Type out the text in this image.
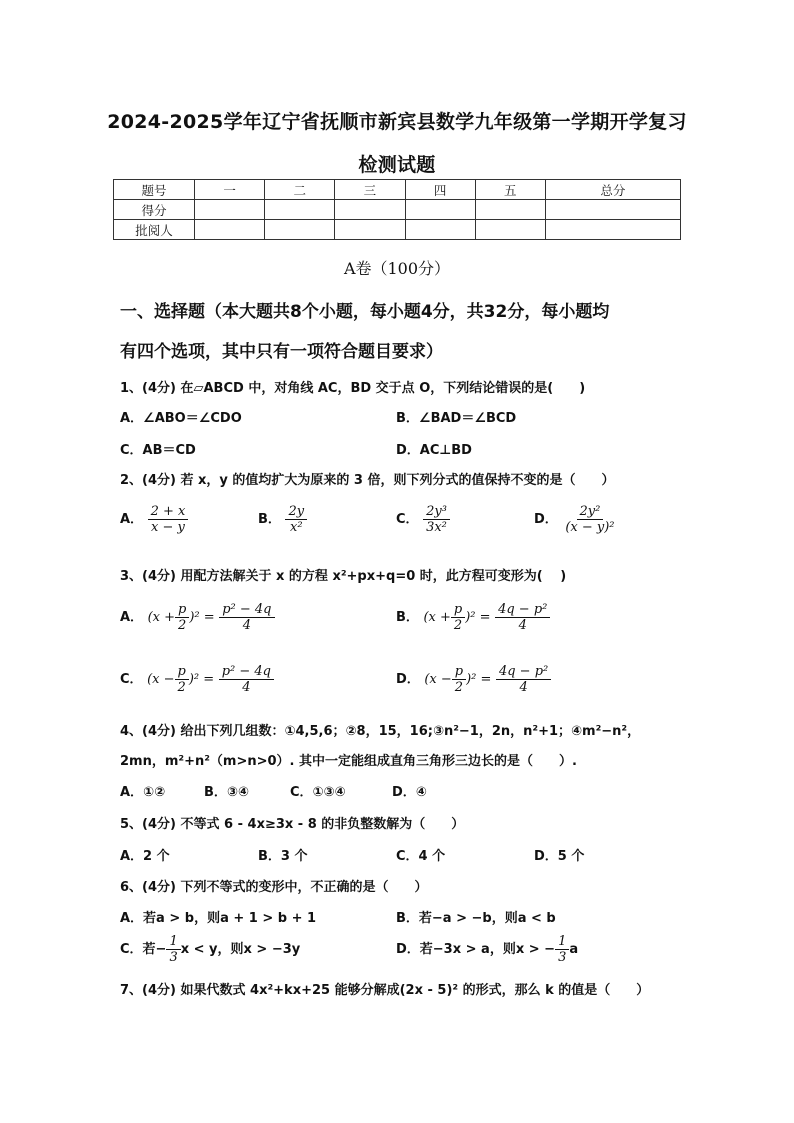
2024-2025学年辽宁省抚顺市新宾县数学九年级第一学期开学复习
检测试题
题号	一	二	三	四	五	总分
得分						
批阅人						
A卷（100分）
一、选择题（本大题共8个小题，每小题4分，共32分，每小题均
有四个选项，其中只有一项符合题目要求）
1、(4分) 在▱ABCD 中，对角线 AC，BD 交于点 O，下列结论错误的是(　　)
A．∠ABO＝∠CDO	B．∠BAD＝∠BCD
C．AB＝CD	D．AC⊥BD
2、(4分) 若 x，y 的值均扩大为原来的 3 倍，则下列分式的值保持不变的是（　　）
A． $\frac{2 + x}{x - y}$	B． $\frac{2y}{\text{x²}}$	C． $\frac{\text{2y³}}{\text{3x²}}$	D． $\frac{\text{2y²}}{\text{(x − y)²}}$
3、(4分) 用配方法解关于 x 的方程 x²+px+q=0 时，此方程可变形为(　 )
A． $(x + \frac{p}{2} )^2 = \frac{\text{p² − 4q}}{4}$	B． $(x + \frac{p}{2} )^2 = \frac{\text{4q − p²}}{4}$
C． $(x - \frac{p}{2} )^2 = \frac{\text{p² − 4q}}{4}$	D． $(x - \frac{p}{2} )^2 = \frac{\text{4q − p²}}{4}$
4、(4分) 给出下列几组数：①4,5,6；②8，15，16;③n²−1，2n，n²+1；④m²−n²，
2mn，m²+n²（m>n>0）. 其中一定能组成直角三角形三边长的是（　　）.
A．①②	B．③④	C．①③④	D．④
5、(4分) 不等式 6 - 4x≥3x - 8 的非负整数解为（　　）
A．2 个	B．3 个	C．4 个	D．5 个
6、(4分) 下列不等式的变形中，不正确的是（　　）
A．若a > b，则a + 1 > b + 1	B．若−a > −b，则a < b
C．若− $\frac{1}{3}$ x < y，则x > −3y	D．若−3x > a，则x > − $\frac{1}{3}$ a
7、(4分) 如果代数式 4x²+kx+25 能够分解成(2x - 5)² 的形式，那么 k 的值是（　　）
